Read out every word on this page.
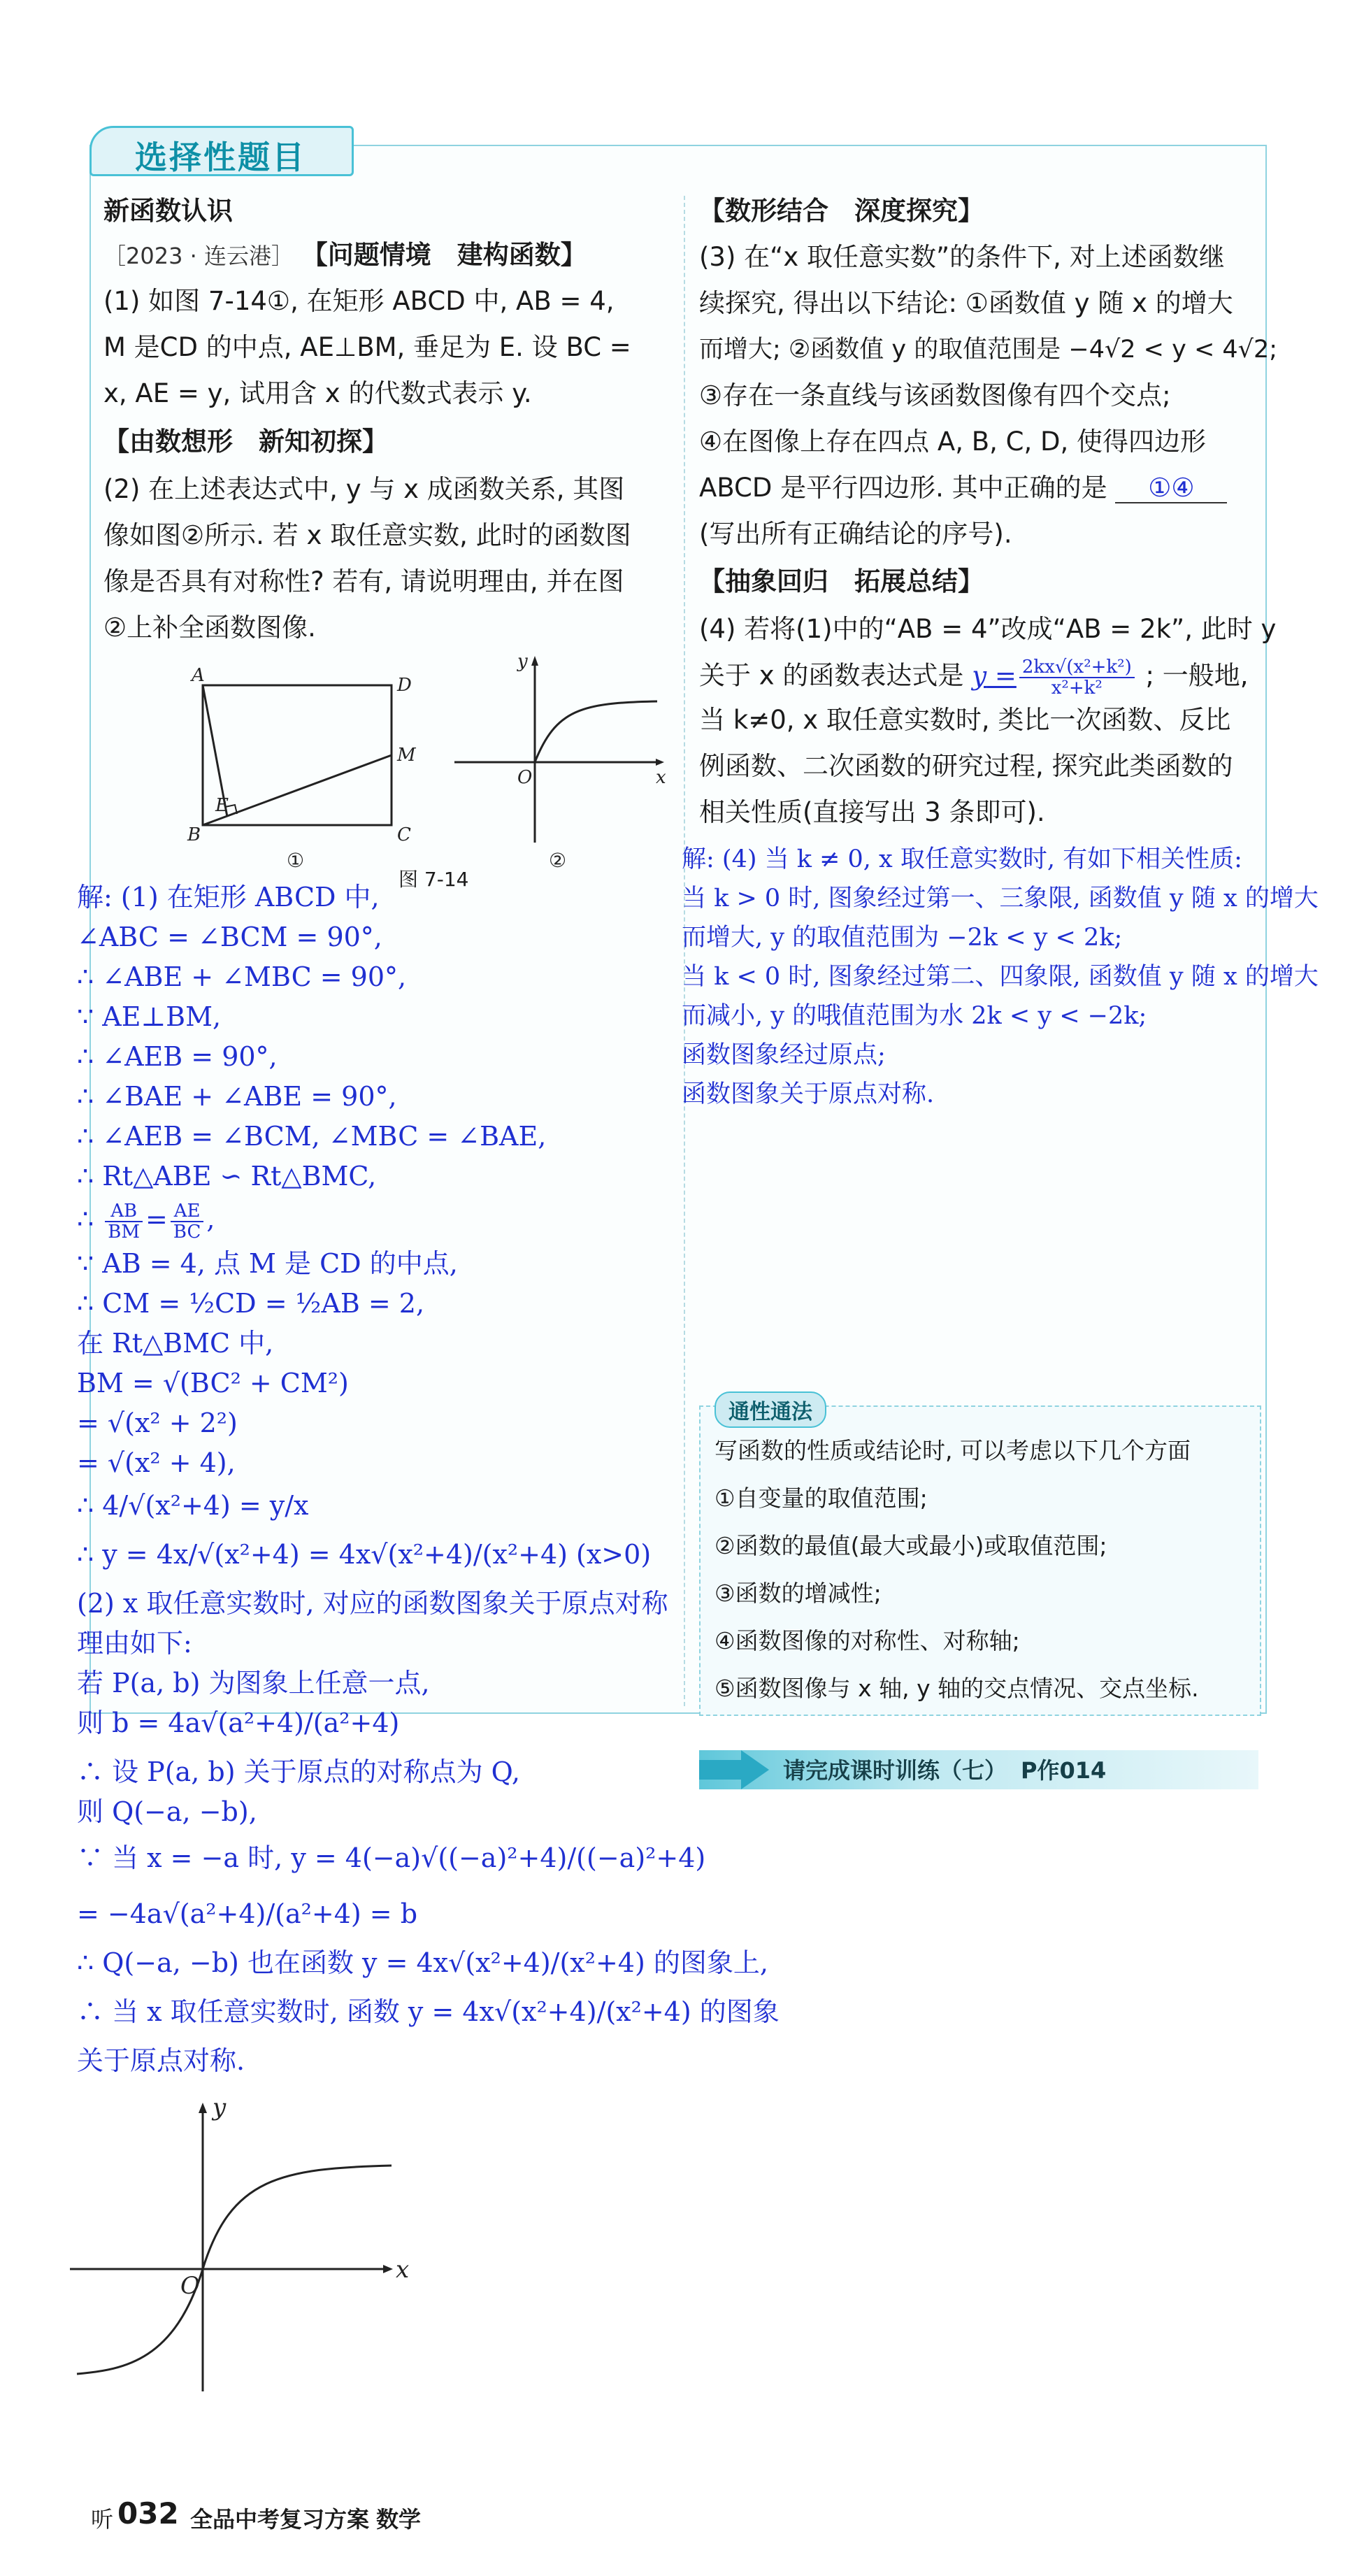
选择性题目
新函数认识
［2023 · 连云港］ 【问题情境　建构函数】
(1) 如图 7-14①, 在矩形 ABCD 中, AB = 4,
M 是CD 的中点, AE⊥BM, 垂足为 E. 设 BC =
x, AE = y, 试用含 x 的代数式表示 y.
【由数想形　新知初探】
(2) 在上述表达式中, y 与 x 成函数关系, 其图
像如图②所示. 若 x 取任意实数, 此时的函数图
像是否具有对称性? 若有, 请说明理由, 并在图
②上补全函数图像.
A
B	C
D
E
M
x
y
O
①	②
图 7-14
【数形结合　深度探究】
(3) 在“x 取任意实数”的条件下, 对上述函数继
续探究, 得出以下结论: ①函数值 y 随 x 的增大
而增大; ②函数值 y 的取值范围是 −4√2 < y < 4√2;
③存在一条直线与该函数图像有四个交点;
④在图像上存在四点 A, B, C, D, 使得四边形
ABCD 是平行四边形. 其中正确的是 ①④
(写出所有正确结论的序号).
【抽象回归　拓展总结】
(4) 若将(1)中的“AB = 4”改成“AB = 2k”, 此时 y
关于 x 的函数表达式是 $y = \frac{\text{2kx√(x²+k²)}}{\text{x²+k²}}$ ; 一般地,
当 k≠0, x 取任意实数时, 类比一次函数、反比
例函数、二次函数的研究过程, 探究此类函数的
相关性质(直接写出 3 条即可).
解: (4) 当 k ≠ 0, x 取任意实数时, 有如下相关性质:
当 k > 0 时, 图象经过第一、三象限, 函数值 y 随 x 的增大
而增大, y 的取值范围为 −2k < y < 2k;
当 k < 0 时, 图象经过第二、四象限, 函数值 y 随 x 的增大
而减小, y 的哦值范围为水 2k < y < −2k;
函数图象经过原点;
函数图象关于原点对称.
通性通法
写函数的性质或结论时, 可以考虑以下几个方面
①自变量的取值范围;
②函数的最值(最大或最小)或取值范围;
③函数的增减性;
④函数图像的对称性、对称轴;
⑤函数图像与 x 轴, y 轴的交点情况、交点坐标.
请完成课时训练（七） P作014
解: (1) 在矩形 ABCD 中,
∠ABC = ∠BCM = 90°,
∴ ∠ABE + ∠MBC = 90°,
∵ AE⊥BM,
∴ ∠AEB = 90°,
∴ ∠BAE + ∠ABE = 90°,
∴ ∠AEB = ∠BCM, ∠MBC = ∠BAE,
∴ Rt△ABE ∽ Rt△BMC,
∴ $\frac{AB}{BM} = \frac{AE}{BC}$ ,
∵ AB = 4, 点 M 是 CD 的中点,
∴ CM = ½CD = ½AB = 2,
在 Rt△BMC 中,
BM = √(BC² + CM²)
= √(x² + 2²)
= √(x² + 4),
∴ 4/√(x²+4) = y/x
∴ y = 4x/√(x²+4) = 4x√(x²+4)/(x²+4) (x>0)
(2) x 取任意实数时, 对应的函数图象关于原点对称
理由如下:
若 P(a, b) 为图象上任意一点,
则 b = 4a√(a²+4)/(a²+4)
∴ 设 P(a, b) 关于原点的对称点为 Q,
则 Q(−a, −b),
∵ 当 x = −a 时, y = 4(−a)√((−a)²+4)/((−a)²+4)
= −4a√(a²+4)/(a²+4) = b
∴ Q(−a, −b) 也在函数 y = 4x√(x²+4)/(x²+4) 的图象上,
∴ 当 x 取任意实数时, 函数 y = 4x√(x²+4)/(x²+4) 的图象
关于原点对称.
x
y
O
听 032 全品中考复习方案 数学
